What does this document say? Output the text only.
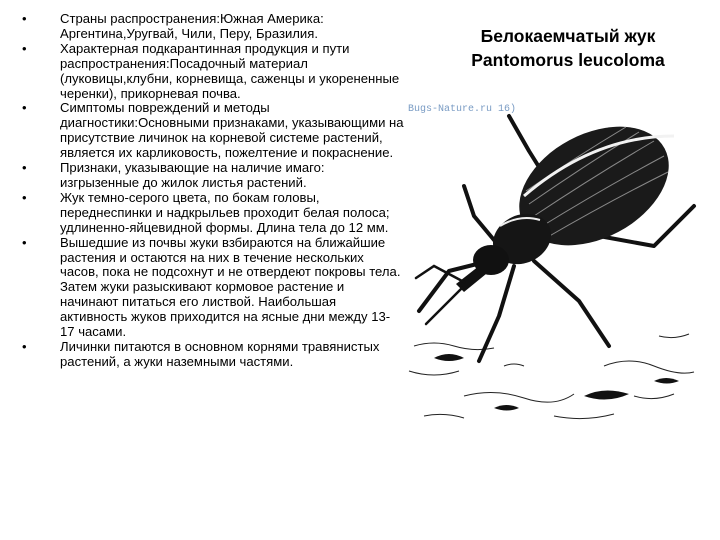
•	Страны распространения:Южная Америка: Аргентина,Уругвай, Чили, Перу, Бразилия.
•	Характерная подкарантинная продукция и пути распространения:Посадочный материал (луковицы,клубни, корневища, саженцы и укорененные черенки), прикорневая почва.
•	Симптомы повреждений и методы диагностики:Основными признаками, указывающими на присутствие личинок на корневой системе растений, является их карликовость, пожелтение и покраснение.
•	Признаки, указывающие на наличие имаго: изгрызенные до жилок листья растений.
•	Жук темно-серого цвета, по бокам головы, переднеспинки и надкрыльев проходит белая полоса; удлиненно-яйцевидной формы. Длина тела до 12 мм.
•	Вышедшие из почвы жуки взбираются на ближайшие растения и остаются на них в течение нескольких часов, пока не подсохнут и не отвердеют покровы тела. Затем жуки разыскивают кормовое растение и начинают питаться его листвой. Наибольшая активность жуков приходится на ясные дни между 13-17 часами.
•	Личинки питаются в основном корнями травянистых растений, а жуки наземными частями.
Белокаемчатый жук
Pantomorus leucoloma
Bugs-Nature.ru 16)
